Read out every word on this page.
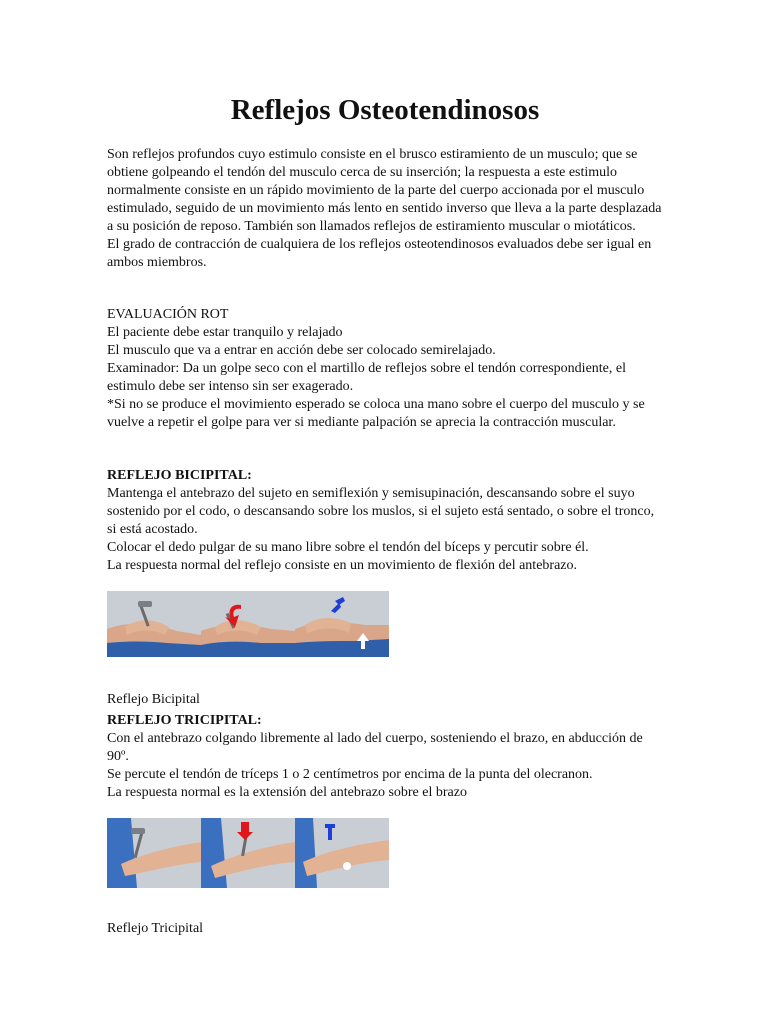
Reflejos Osteotendinosos

Son reflejos profundos cuyo estimulo consiste en el brusco estiramiento de un musculo; que se obtiene golpeando el tendón del musculo cerca de su inserción; la respuesta a este estimulo normalmente consiste en un rápido movimiento de la parte del cuerpo accionada por el musculo estimulado, seguido de un movimiento más lento en sentido inverso que lleva a la parte desplazada a su posición de reposo. También son llamados reflejos de estiramiento muscular o miotáticos.

El grado de contracción de cualquiera de los reflejos osteotendinosos evaluados debe ser igual en ambos miembros.

EVALUACIÓN ROT

El paciente debe estar tranquilo y relajado

El musculo que va a entrar en acción debe ser colocado semirelajado.

Examinador: Da un golpe seco con el martillo de reflejos sobre el tendón correspondiente, el estimulo debe ser intenso sin ser exagerado.

*Si no se produce el movimiento esperado se coloca una mano sobre el cuerpo del musculo y se vuelve a repetir el golpe para ver si mediante palpación se aprecia la contracción muscular.

REFLEJO BICIPITAL:

Mantenga el antebrazo del sujeto en semiflexión y semisupinación, descansando sobre el suyo sostenido por el codo, o descansando sobre los muslos, si el sujeto está sentado, o sobre el tronco, si está acostado.

Colocar el dedo pulgar de su mano libre sobre el tendón del bíceps y percutir sobre él.

La respuesta normal del reflejo consiste en un movimiento de flexión del antebrazo.

Reflejo Bicipital

REFLEJO TRICIPITAL:

Con el antebrazo colgando libremente al lado del cuerpo, sosteniendo el brazo, en abducción de 90º.

Se percute el tendón de tríceps 1 o 2 centímetros por encima de la punta del olecranon.

La respuesta normal es la extensión del antebrazo sobre el brazo

Reflejo Tricipital
